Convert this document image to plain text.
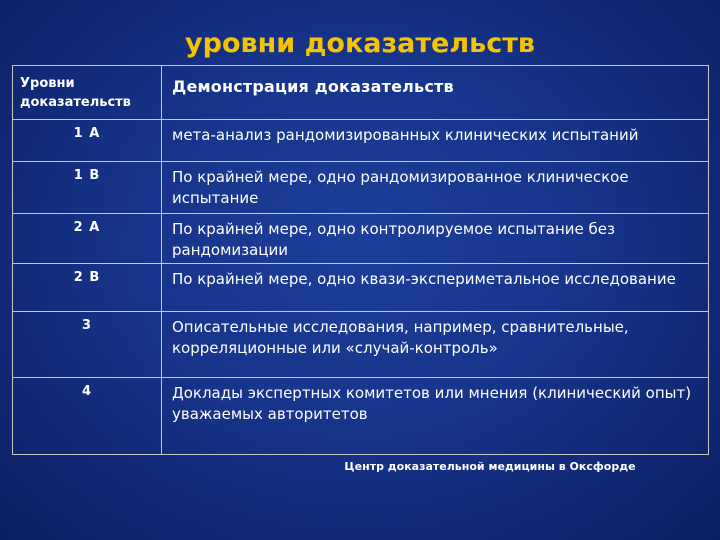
уровни доказательств
Уровни доказательств	Демонстрация доказательств

1 A	мета-анализ рандомизированных клинических испытаний

1 B	По крайней мере, одно рандомизированное клиническое испытание

2 A	По крайней мере, одно контролируемое испытание без рандомизации

2 B	По крайней мере, одно квази-экспериметальное исследование

3	Описательные исследования, например, сравнительные, корреляционные или «случай-контроль»

4	Доклады экспертных комитетов или мнения (клинический опыт) уважаемых авторитетов
Центр доказательной медицины в Оксфорде
